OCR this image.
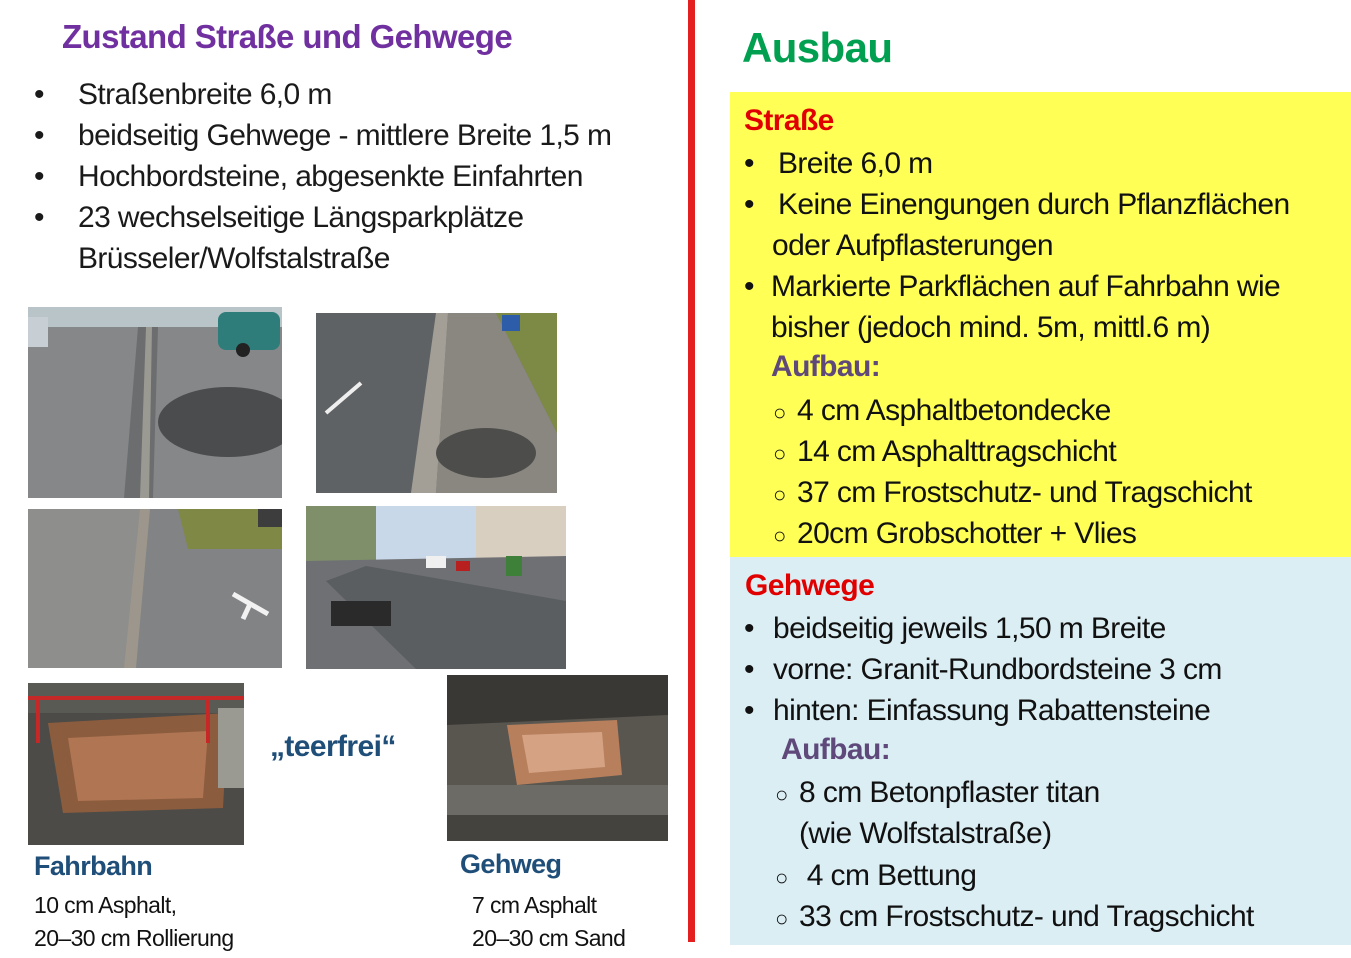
Zustand Straße und Gehwege
• Straßenbreite 6,0 m
• beidseitig Gehwege - mittlere Breite 1,5 m
• Hochbordsteine, abgesenkte Einfahrten
• 23 wechselseitige Längsparkplätze
Brüsseler/Wolfstalstraße
„teerfrei“
Fahrbahn
10 cm Asphalt,
20–30 cm Rollierung
Gehweg
7 cm Asphalt
20–30 cm Sand
Ausbau
Straße
• Breite 6,0 m
• Keine Einengungen durch Pflanzflächen
oder Aufpflasterungen
• Markierte Parkflächen auf Fahrbahn wie
bisher (jedoch mind. 5m, mittl.6 m)
Aufbau:
○ 4 cm Asphaltbetondecke
○ 14 cm Asphalttragschicht
○ 37 cm Frostschutz- und Tragschicht
○ 20cm Grobschotter + Vlies
Gehwege
• beidseitig jeweils 1,50 m Breite
• vorne: Granit-Rundbordsteine 3 cm
• hinten: Einfassung Rabattensteine
Aufbau:
○ 8 cm Betonpflaster titan
(wie Wolfstalstraße)
○ 4 cm Bettung
○ 33 cm Frostschutz- und Tragschicht
